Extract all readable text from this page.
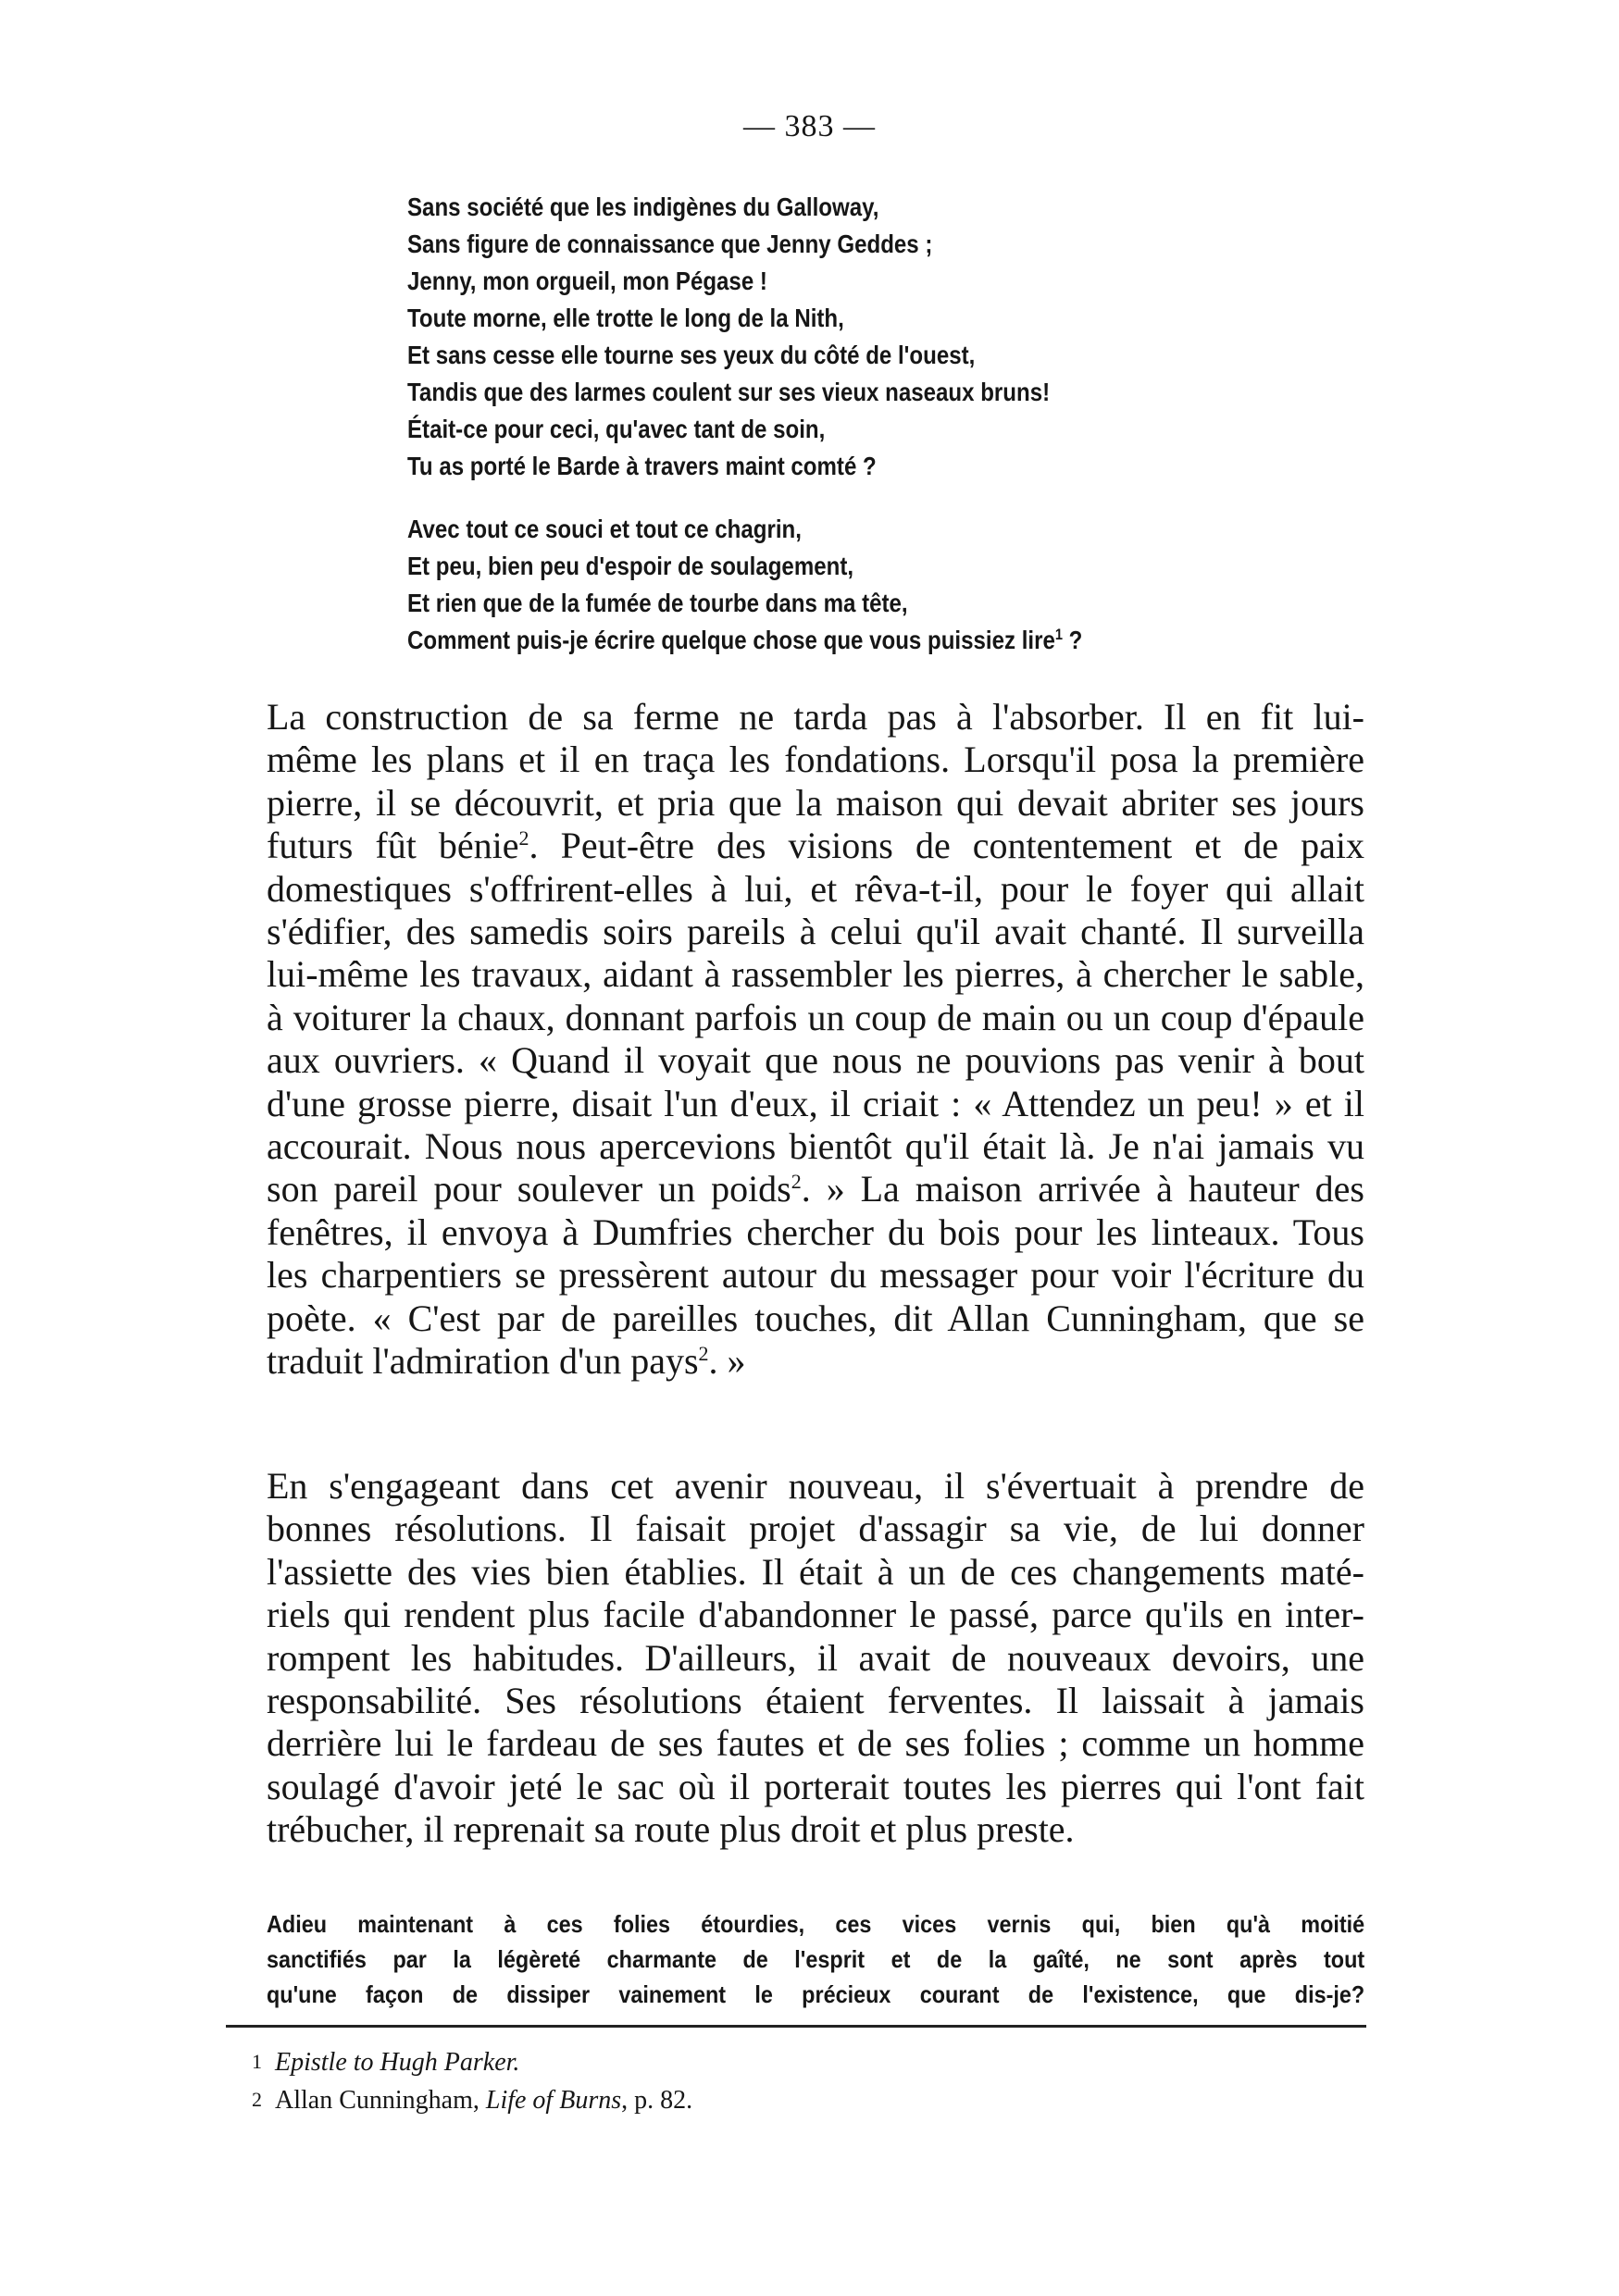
— 383 —
Sans société que les indigènes du Galloway,
Sans figure de connaissance que Jenny Geddes ;
Jenny, mon orgueil, mon Pégase !
Toute morne, elle trotte le long de la Nith,
Et sans cesse elle tourne ses yeux du côté de l'ouest,
Tandis que des larmes coulent sur ses vieux naseaux bruns!
Était-ce pour ceci, qu'avec tant de soin,
Tu as porté le Barde à travers maint comté ?
Avec tout ce souci et tout ce chagrin,
Et peu, bien peu d'espoir de soulagement,
Et rien que de la fumée de tourbe dans ma tête,
Comment puis-je écrire quelque chose que vous puissiez lire$^1$ ?
La construction de sa ferme ne tarda pas à l'absorber. Il en fit lui-
même les plans et il en traça les fondations. Lorsqu'il posa la première
pierre, il se découvrit, et pria que la maison qui devait abriter ses jours
futurs fût bénie$^2$. Peut-être des visions de contentement et de paix
domestiques s'offrirent-elles à lui, et rêva-t-il, pour le foyer qui allait
s'édifier, des samedis soirs pareils à celui qu'il avait chanté. Il surveilla
lui-même les travaux, aidant à rassembler les pierres, à chercher le sable,
à voiturer la chaux, donnant parfois un coup de main ou un coup d'épaule
aux ouvriers. « Quand il voyait que nous ne pouvions pas venir à bout
d'une grosse pierre, disait l'un d'eux, il criait : « Attendez un peu! » et il
accourait. Nous nous apercevions bientôt qu'il était là. Je n'ai jamais vu
son pareil pour soulever un poids$^2$. » La maison arrivée à hauteur des
fenêtres, il envoya à Dumfries chercher du bois pour les linteaux. Tous
les charpentiers se pressèrent autour du messager pour voir l'écriture du
poète. « C'est par de pareilles touches, dit Allan Cunningham, que se
traduit l'admiration d'un pays$^2$. »
En s'engageant dans cet avenir nouveau, il s'évertuait à prendre de
bonnes résolutions. Il faisait projet d'assagir sa vie, de lui donner
l'assiette des vies bien établies. Il était à un de ces changements maté-
riels qui rendent plus facile d'abandonner le passé, parce qu'ils en inter-
rompent les habitudes. D'ailleurs, il avait de nouveaux devoirs, une
responsabilité. Ses résolutions étaient ferventes. Il laissait à jamais
derrière lui le fardeau de ses fautes et de ses folies ; comme un homme
soulagé d'avoir jeté le sac où il porterait toutes les pierres qui l'ont fait
trébucher, il reprenait sa route plus droit et plus preste.
Adieu maintenant à ces folies étourdies, ces vices vernis qui, bien qu'à moitié
sanctifiés par la légèreté charmante de l'esprit et de la gaîté, ne sont après tout
qu'une façon de dissiper vainement le précieux courant de l'existence, que dis-je?
1 Epistle to Hugh Parker.
2 Allan Cunningham, Life of Burns, p. 82.
